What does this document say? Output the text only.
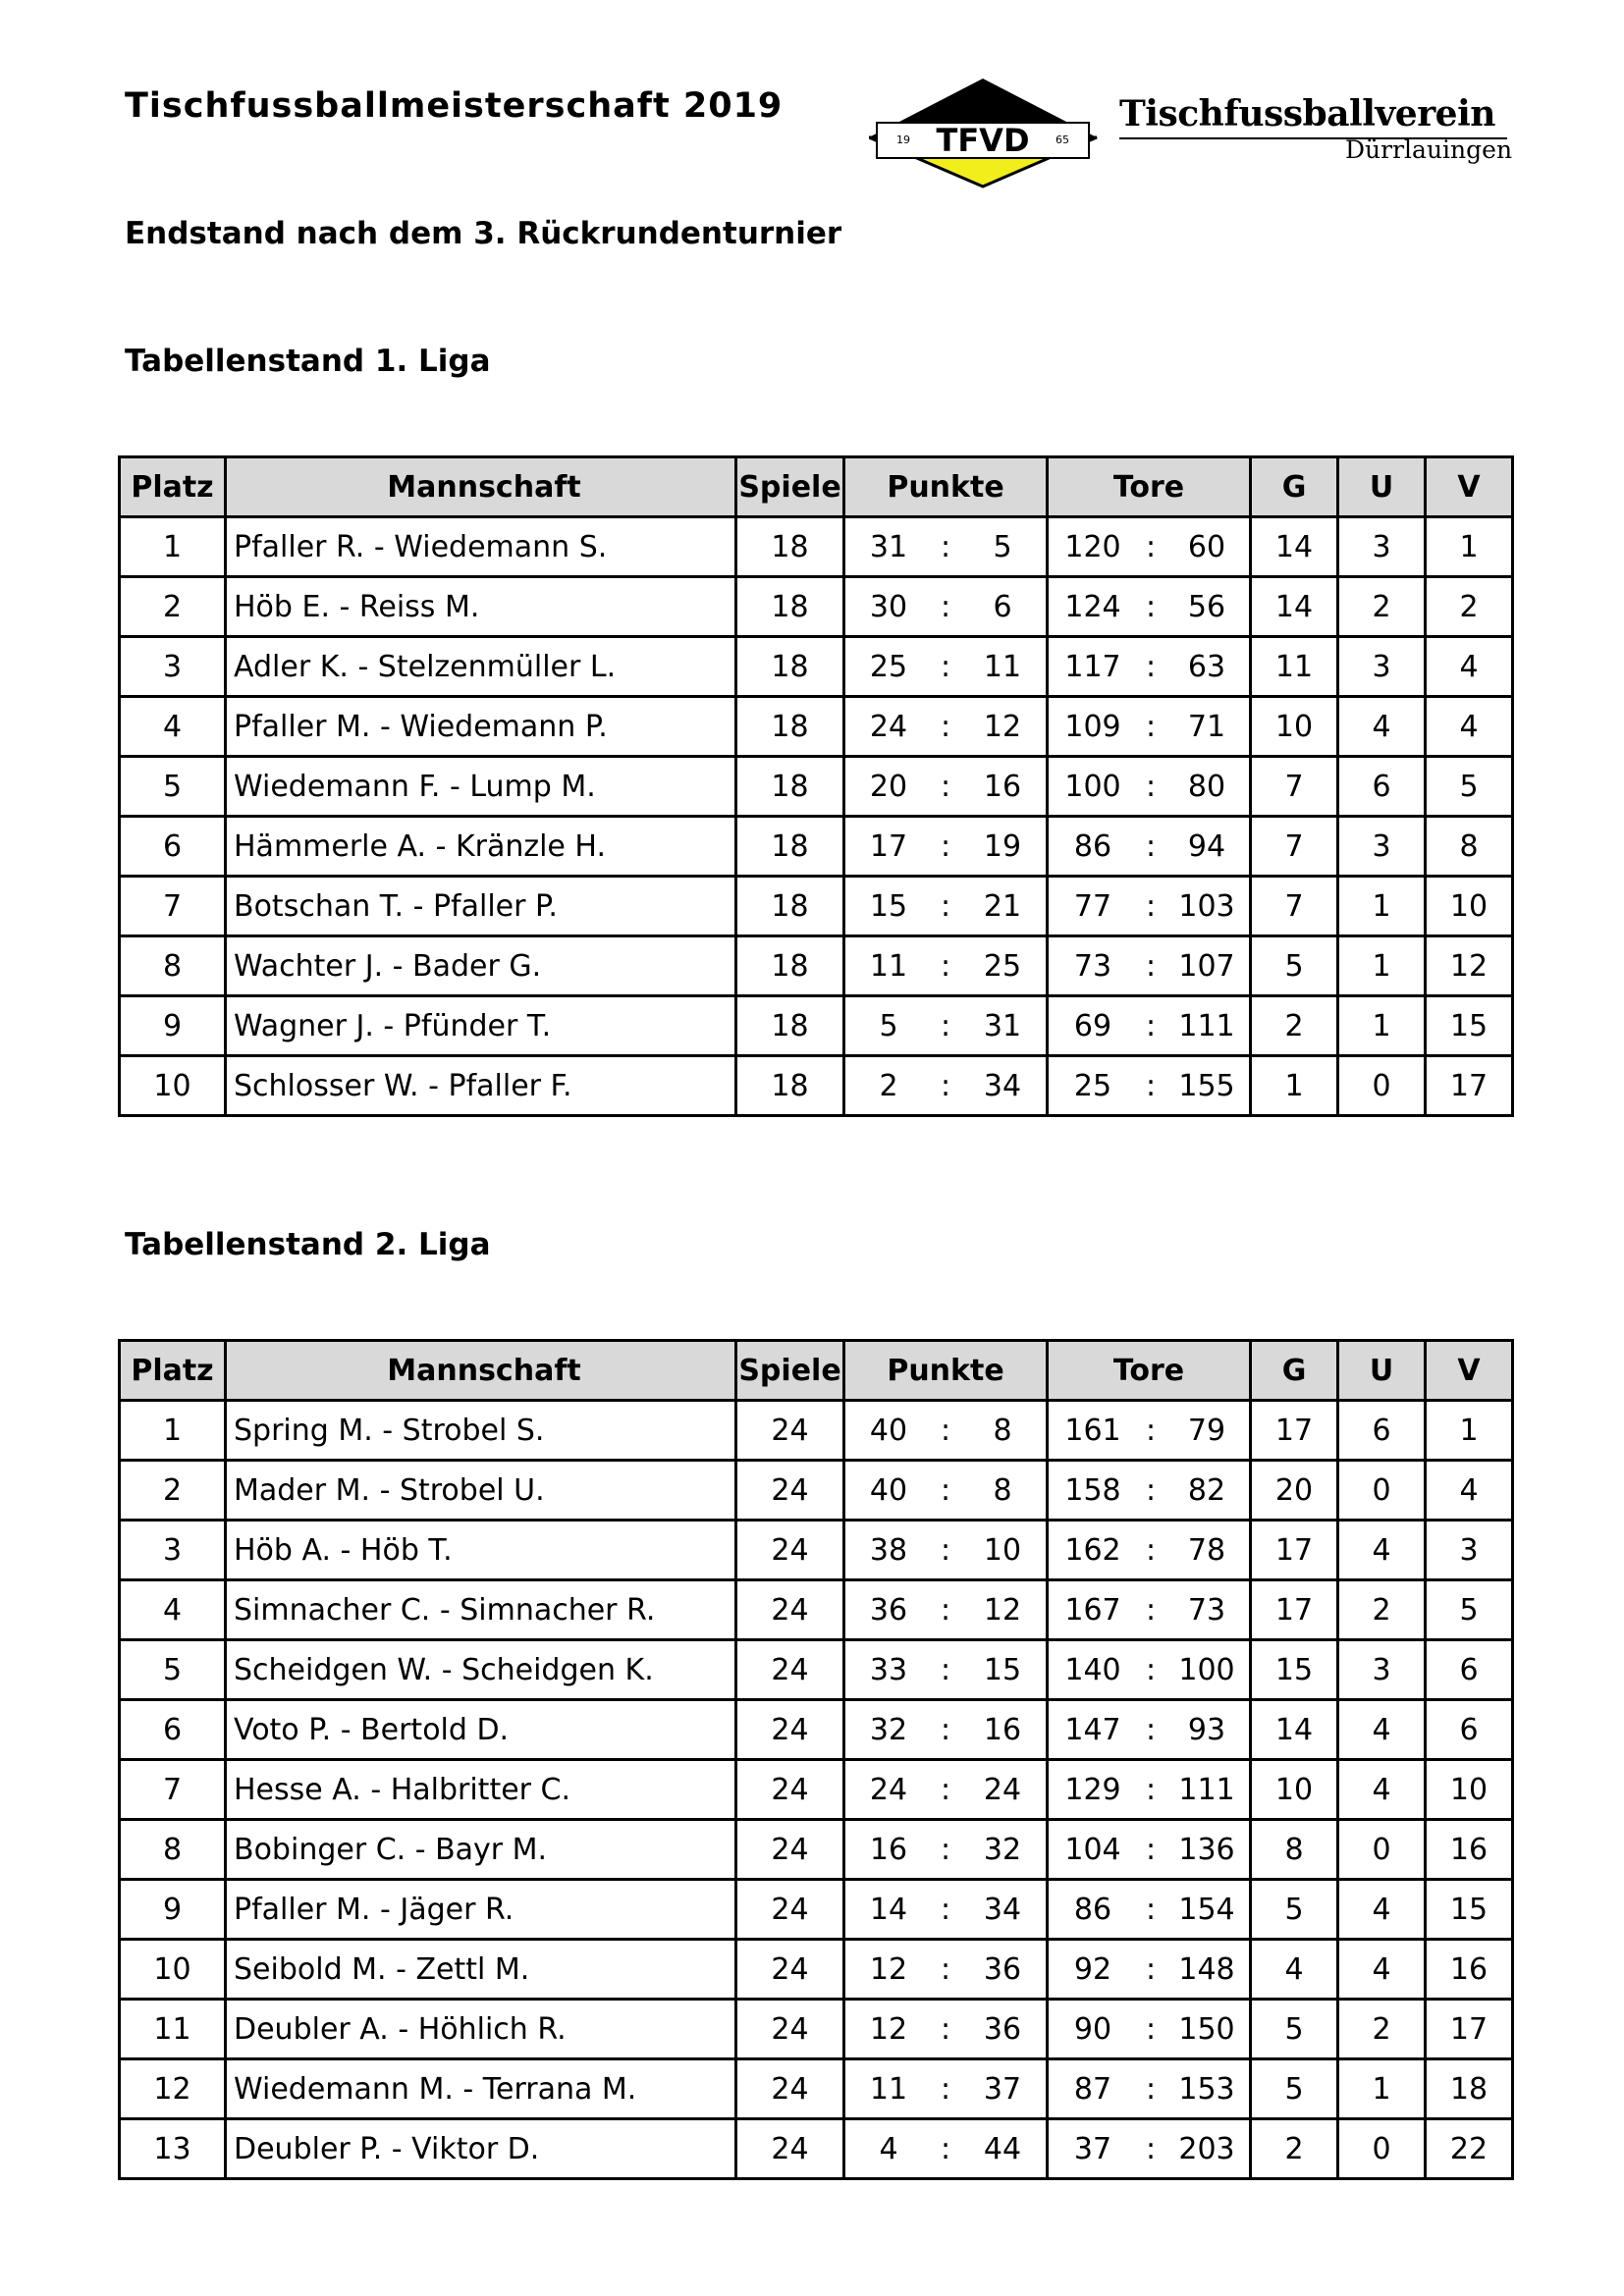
Tischfussballmeisterschaft 2019
TFVD
19	65
Tischfussballverein
Dürrlauingen
Endstand nach dem 3. Rückrundenturnier
Tabellenstand 1. Liga
Platz	Mannschaft	Spiele	Punkte	Tore	G	U	V
1	Pfaller R. - Wiedemann S.	18	31 : 5	120 : 60	14	3	1
2	Höb E. - Reiss M.	18	30 : 6	124 : 56	14	2	2
3	Adler K. - Stelzenmüller L.	18	25 : 11	117 : 63	11	3	4
4	Pfaller M. - Wiedemann P.	18	24 : 12	109 : 71	10	4	4
5	Wiedemann F. - Lump M.	18	20 : 16	100 : 80	7	6	5
6	Hämmerle A. - Kränzle H.	18	17 : 19	86 : 94	7	3	8
7	Botschan T. - Pfaller P.	18	15 : 21	77 : 103	7	1	10
8	Wachter J. - Bader G.	18	11 : 25	73 : 107	5	1	12
9	Wagner J. - Pfünder T.	18	5 : 31	69 : 111	2	1	15
10	Schlosser W. - Pfaller F.	18	2 : 34	25 : 155	1	0	17
Tabellenstand 2. Liga
Platz	Mannschaft	Spiele	Punkte	Tore	G	U	V
1	Spring M. - Strobel S.	24	40 : 8	161 : 79	17	6	1
2	Mader M. - Strobel U.	24	40 : 8	158 : 82	20	0	4
3	Höb A. - Höb T.	24	38 : 10	162 : 78	17	4	3
4	Simnacher C. - Simnacher R.	24	36 : 12	167 : 73	17	2	5
5	Scheidgen W. - Scheidgen K.	24	33 : 15	140 : 100	15	3	6
6	Voto P. - Bertold D.	24	32 : 16	147 : 93	14	4	6
7	Hesse A. - Halbritter C.	24	24 : 24	129 : 111	10	4	10
8	Bobinger C. - Bayr M.	24	16 : 32	104 : 136	8	0	16
9	Pfaller M. - Jäger R.	24	14 : 34	86 : 154	5	4	15
10	Seibold M. - Zettl M.	24	12 : 36	92 : 148	4	4	16
11	Deubler A. - Höhlich R.	24	12 : 36	90 : 150	5	2	17
12	Wiedemann M. - Terrana M.	24	11 : 37	87 : 153	5	1	18
13	Deubler P. - Viktor D.	24	4 : 44	37 : 203	2	0	22
